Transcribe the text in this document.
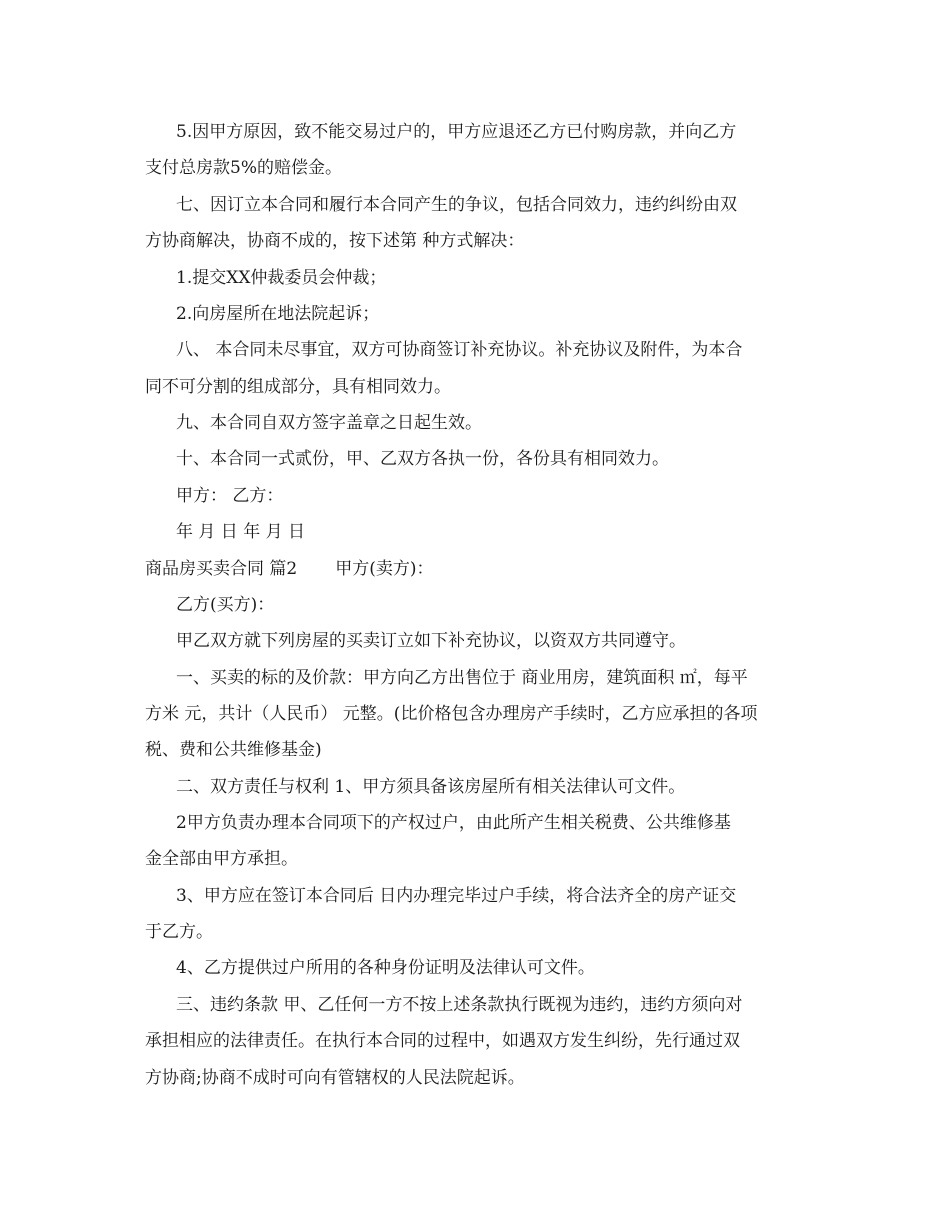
5.因甲方原因，致不能交易过户的，甲方应退还乙方已付购房款，并向乙方
支付总房款5%的赔偿金。
七、因订立本合同和履行本合同产生的争议，包括合同效力，违约纠纷由双
方协商解决，协商不成的，按下述第 种方式解决：
1.提交XX仲裁委员会仲裁；
2.向房屋所在地法院起诉；
八、 本合同未尽事宜，双方可协商签订补充协议。补充协议及附件，为本合
同不可分割的组成部分，具有相同效力。
九、本合同自双方签字盖章之日起生效。
十、本合同一式贰份，甲、乙双方各执一份，各份具有相同效力。
甲方： 乙方：
年 月 日 年 月 日
商品房买卖合同 篇2 甲方(卖方)：
乙方(买方)：
甲乙双方就下列房屋的买卖订立如下补充协议，以资双方共同遵守。
一、买卖的标的及价款：甲方向乙方出售位于 商业用房，建筑面积 ㎡，每平
方米 元，共计（人民币） 元整。(比价格包含办理房产手续时，乙方应承担的各项
税、费和公共维修基金)
二、双方责任与权利 1、甲方须具备该房屋所有相关法律认可文件。
2甲方负责办理本合同项下的产权过户，由此所产生相关税费、公共维修基
金全部由甲方承担。
3、甲方应在签订本合同后 日内办理完毕过户手续，将合法齐全的房产证交
于乙方。
4、乙方提供过户所用的各种身份证明及法律认可文件。
三、违约条款 甲、乙任何一方不按上述条款执行既视为违约，违约方须向对
承担相应的法律责任。在执行本合同的过程中，如遇双方发生纠纷，先行通过双
方协商;协商不成时可向有管辖权的人民法院起诉。
